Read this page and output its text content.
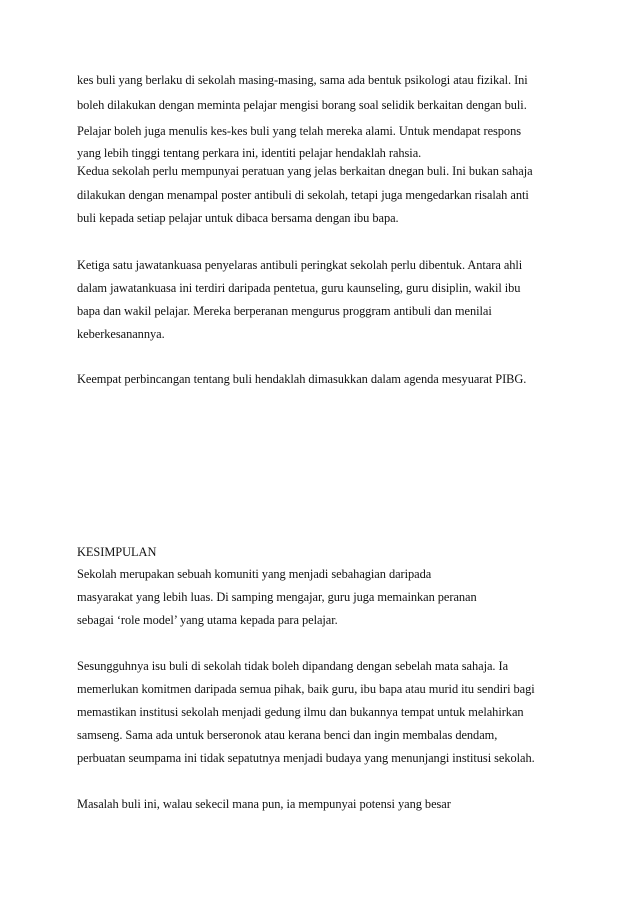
kes buli yang berlaku di sekolah masing-masing, sama ada bentuk psikologi atau fizikal. Ini
boleh dilakukan dengan meminta pelajar mengisi borang soal selidik berkaitan dengan buli.
Pelajar boleh juga menulis kes-kes buli yang telah mereka alami. Untuk mendapat respons
yang lebih tinggi tentang perkara ini, identiti pelajar hendaklah rahsia.
Kedua sekolah perlu mempunyai peratuan yang jelas berkaitan dnegan buli. Ini bukan sahaja
dilakukan dengan menampal poster antibuli di sekolah, tetapi juga mengedarkan risalah anti
buli kepada setiap pelajar untuk dibaca bersama dengan ibu bapa.
Ketiga satu jawatankuasa penyelaras antibuli peringkat sekolah perlu dibentuk. Antara ahli
dalam jawatankuasa ini terdiri daripada pentetua, guru kaunseling, guru disiplin, wakil ibu
bapa dan wakil pelajar. Mereka berperanan mengurus proggram antibuli dan menilai
keberkesanannya.
Keempat perbincangan tentang buli hendaklah dimasukkan dalam agenda mesyuarat PIBG.
KESIMPULAN
Sekolah merupakan sebuah komuniti yang menjadi sebahagian daripada
masyarakat yang lebih luas. Di samping mengajar, guru juga memainkan peranan
sebagai ‘role model’ yang utama kepada para pelajar.
Sesungguhnya isu buli di sekolah tidak boleh dipandang dengan sebelah mata sahaja. Ia
memerlukan komitmen daripada semua pihak, baik guru, ibu bapa atau murid itu sendiri bagi
memastikan institusi sekolah menjadi gedung ilmu dan bukannya tempat untuk melahirkan
samseng. Sama ada untuk berseronok atau kerana benci dan ingin membalas dendam,
perbuatan seumpama ini tidak sepatutnya menjadi budaya yang menunjangi institusi sekolah.
Masalah buli ini, walau sekecil mana pun, ia mempunyai potensi yang besar
